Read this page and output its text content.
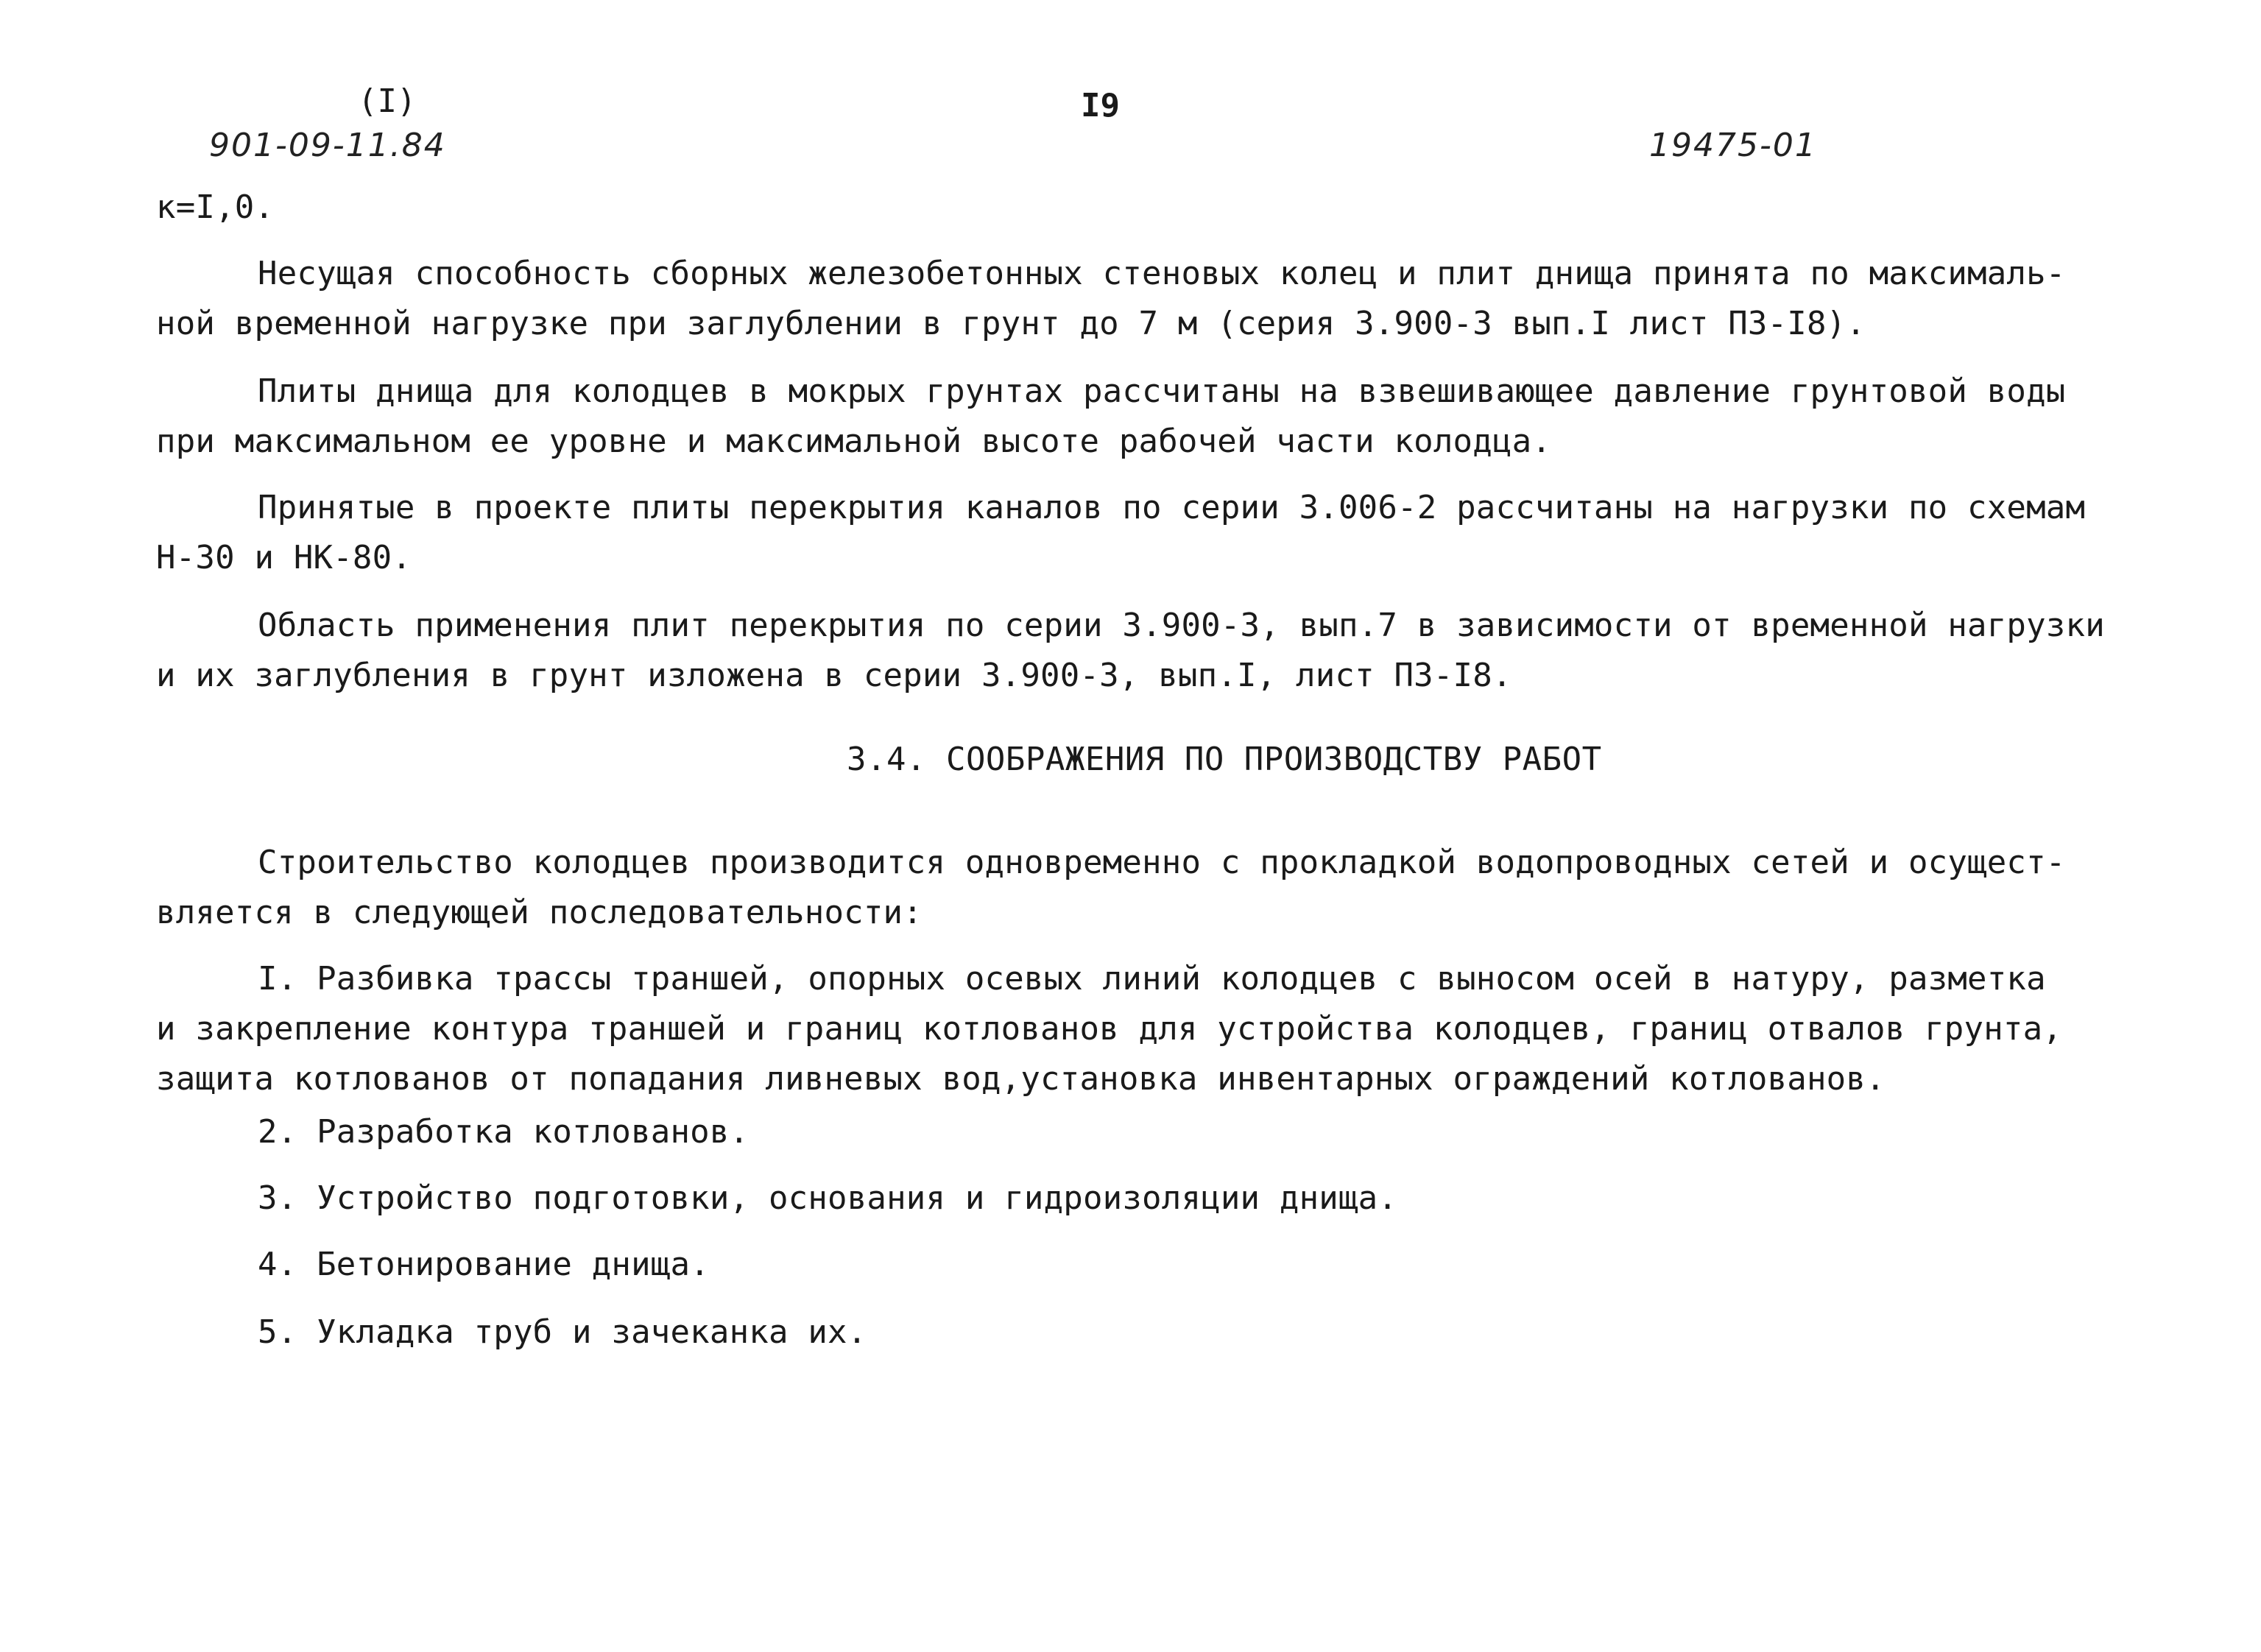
(I)	I9
901-09-11.84	19475-01
к=I,0.
Несущая способность сборных железобетонных стеновых колец и плит днища принята по максималь-
ной временной нагрузке при заглублении в грунт до 7 м (серия 3.900-3 вып.I лист ПЗ-I8).
Плиты днища для колодцев в мокрых грунтах рассчитаны на взвешивающее давление грунтовой воды
при максимальном ее уровне и максимальной высоте рабочей части колодца.
Принятые в проекте плиты перекрытия каналов по серии 3.006-2 рассчитаны на нагрузки по схемам
Н-30 и НК-80.
Область применения плит перекрытия по серии 3.900-3, вып.7 в зависимости от временной нагрузки
и их заглубления в грунт изложена в серии 3.900-3, вып.I, лист ПЗ-I8.
3.4. СООБРАЖЕНИЯ ПО ПРОИЗВОДСТВУ РАБОТ
Строительство колодцев производится одновременно с прокладкой водопроводных сетей и осущест-
вляется в следующей последовательности:
I. Разбивка трассы траншей, опорных осевых линий колодцев с выносом осей в натуру, разметка
и закрепление контура траншей и границ котлованов для устройства колодцев, границ отвалов грунта,
защита котлованов от попадания ливневых вод,установка инвентарных ограждений котлованов.
2. Разработка котлованов.
3. Устройство подготовки, основания и гидроизоляции днища.
4. Бетонирование днища.
5. Укладка труб и зачеканка их.
